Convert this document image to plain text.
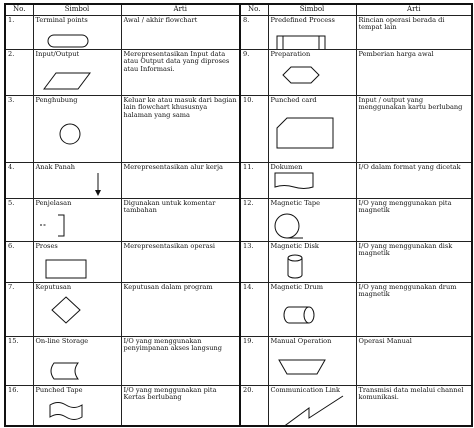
No.	Simbol	Arti	No.	Simbol	Arti
1.	Terminal points	Awal / akhir flowchart	8.	Predefined Process	Rincian operasi berada di tempat lain
2.	Input/Output	Merepresentasikan Input data atau Output data yang diproses atau Informasi.	9.	Preparation	Pemberian harga awal
3.	Penghubung	Keluar ke atau masuk dari bagian lain flowchart khususnya halaman yang sama	10.	Punched card	Input / output yang menggunakan kartu berlubang
4.	Anak Panah	Merepresentasikan alur kerja	11.	Dokumen	I/O dalam format yang dicetak
5.	Penjelasan	Digunakan untuk komentar tambahan	12.	Magnetic Tape	I/O yang menggunakan pita magnetik
6.	Proses	Merepresentasikan operasi	13.	Magnetic Disk	I/O yang menggunakan disk magnetik
7.	Keputusan	Keputusan dalam program	14.	Magnetic Drum	I/O yang menggunakan drum magnetik
15.	On-line Storage	I/O yang menggunakan penyimpanan akses langsung	19.	Manual Operation	Operasi Manual
16.	Punched Tape	I/O yang menggunakan pita Kertas berlubang	20.	Communication Link	Transmisi data melalui channel komunikasi.
